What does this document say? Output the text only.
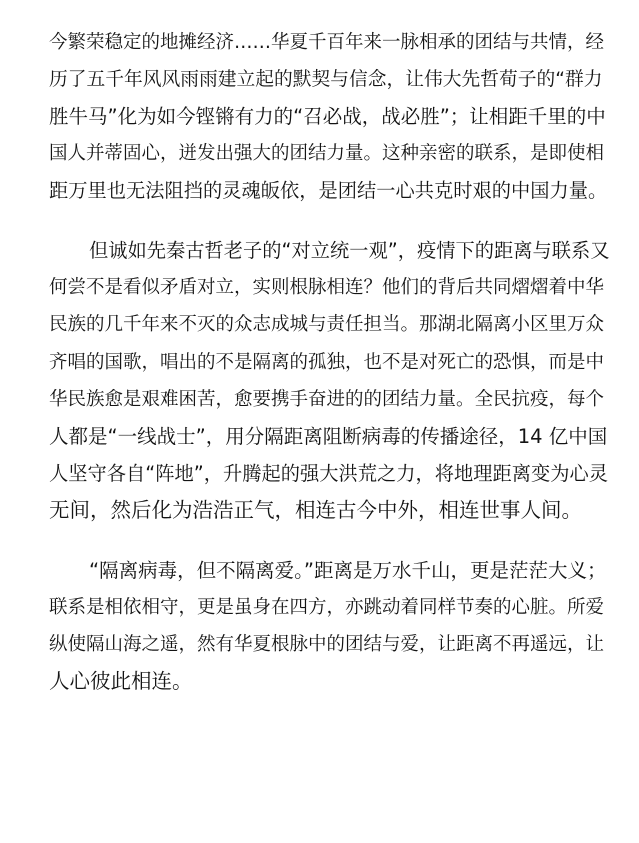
今繁荣稳定的地摊经济……华夏千百年来一脉相承的团结与共情，经
历了五千年风风雨雨建立起的默契与信念，让伟大先哲荀子的“群力
胜牛马”化为如今铿锵有力的“召必战，战必胜”；让相距千里的中
国人并蒂固心，迸发出强大的团结力量。这种亲密的联系，是即使相
距万里也无法阻挡的灵魂皈依，是团结一心共克时艰的中国力量。
但诚如先秦古哲老子的“对立统一观”，疫情下的距离与联系又
何尝不是看似矛盾对立，实则根脉相连？他们的背后共同熠熠着中华
民族的几千年来不灭的众志成城与责任担当。那湖北隔离小区里万众
齐唱的国歌，唱出的不是隔离的孤独，也不是对死亡的恐惧，而是中
华民族愈是艰难困苦，愈要携手奋进的的团结力量。全民抗疫，每个
人都是“一线战士”，用分隔距离阻断病毒的传播途径，14 亿中国
人坚守各自“阵地”，升腾起的强大洪荒之力，将地理距离变为心灵
无间，然后化为浩浩正气，相连古今中外，相连世事人间。
“隔离病毒，但不隔离爱。”距离是万水千山，更是茫茫大义；
联系是相依相守，更是虽身在四方，亦跳动着同样节奏的心脏。所爱
纵使隔山海之遥，然有华夏根脉中的团结与爱，让距离不再遥远，让
人心彼此相连。
